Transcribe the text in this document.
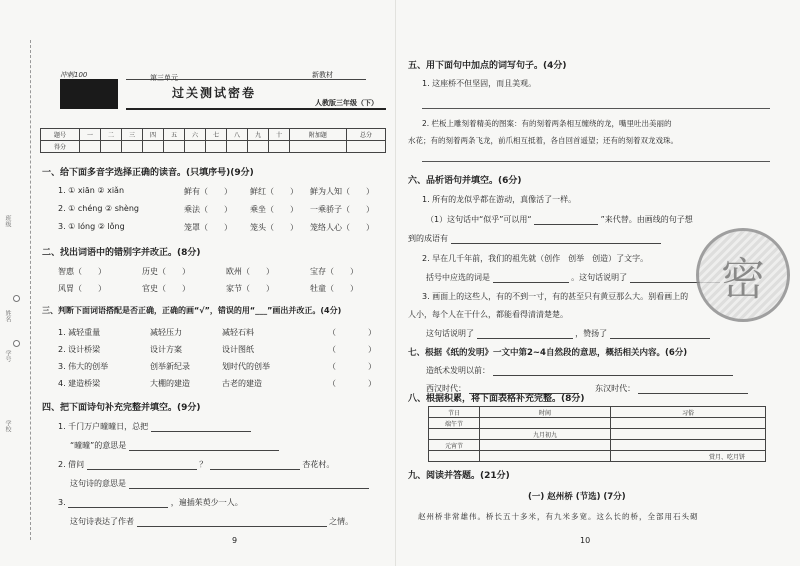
班级
姓名
学号
学校
冲刺100	第三单元	新教材
过关测试密卷
人教版三年级（下）
题号	一	二	三	四	五	六	七	八	九	十	附加题	总分
得分												
一、给下面多音字选择正确的读音。(只填序号)(9分)
1. ① xiān ② xiǎn	鲜有（　　） 鲜红（　　） 鲜为人知（　　）
2. ① chéng ② shèng	乘法（　　） 乘坐（　　） 一乘骄子（　　）
3. ① lóng ② lǒng	笼罩（　　） 笼头（　　） 笼络人心（　　）
二、找出词语中的错别字并改正。(8分)
智惠（　　）	历史（　　）	欧州（　　）	宝存（　　）
风胃（　　）	官史（　　）	家节（　　）	牡童（　　）
三、判断下面词语搭配是否正确，正确的画“√”，错误的用“___”画出并改正。(4分)
1. 减轻重量	减轻压力	减轻石料	（　　　　）
2. 设计桥梁	设计方案	设计图纸	（　　　　）
3. 伟大的创举	创举新纪录	划时代的创举	（　　　　）
4. 建造桥梁	大棚的建造	古老的建造	（　　　　）
四、把下面诗句补充完整并填空。(9分)
1. 千门万户曈曈日，总把
“曈曈”的意思是
2. 借问	？	杏花村。
这句诗的意思是
3.	，遍插茱萸少一人。
这句诗表达了作者	之情。
9
五、用下面句中加点的词写句子。(4分)
1. 这座桥不但坚固，而且美观。
2. 栏板上雕刻着精美的图案：有的刻着两条相互缠绕的龙，嘴里吐出美丽的
水花；有的刻着两条飞龙，前爪相互抵着，各自回首遥望；还有的刻着双龙戏珠。
六、品析语句并填空。(6分)
1. 所有的龙似乎都在游动，真像活了一样。
（1）这句话中“似乎”可以用“	”来代替。由画线的句子想
到的成语有
2. 早在几千年前，我们的祖先就（创作　创举　创造）了文字。
括号中应选的词是	。这句话说明了
3. 画面上的这些人，有的不到一寸，有的甚至只有黄豆那么大。别看画上的
人小，每个人在干什么，都能看得清清楚楚。
这句话说明了	，赞扬了
七、根据《纸的发明》一文中第2~4自然段的意思，概括相关内容。(6分)
造纸术发明以前：
西汉时代：	东汉时代：
八、根据积累，将下面表格补充完整。(8分)
节日	时间	习俗
端午节		
	九月初九	
元宵节		
		赏月、吃月饼
九、阅读并答题。(21分)
(一) 赵州桥 (节选) (7分)
赵州桥非常雄伟。桥长五十多米，有九米多宽。这么长的桥，全部用石头砌
10
密
